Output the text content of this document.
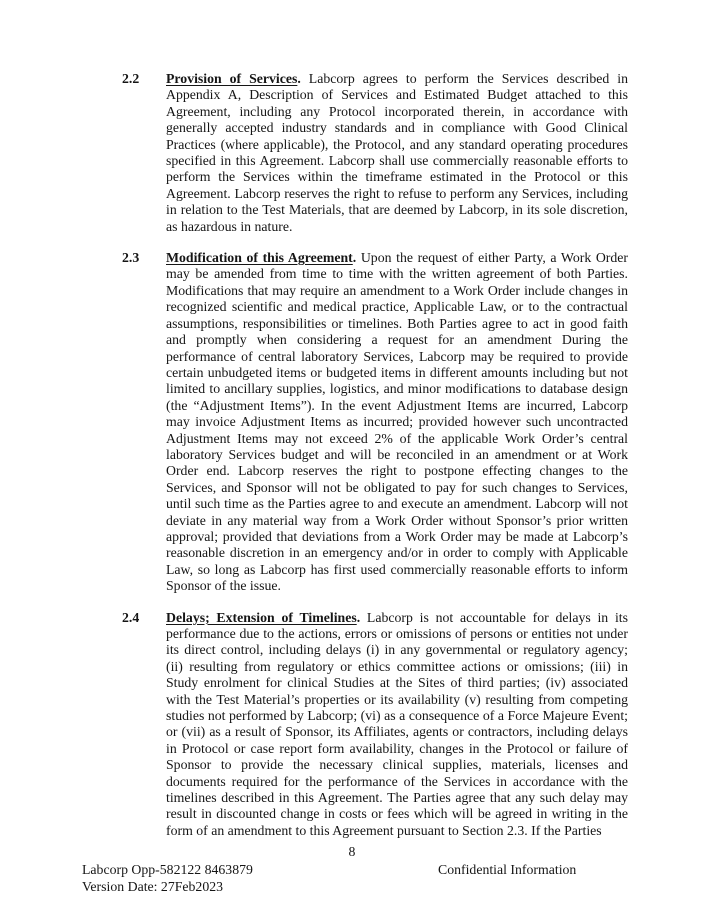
2.2	Provision of Services. Labcorp agrees to perform the Services described in Appendix A, Description of Services and Estimated Budget attached to this Agreement, including any Protocol incorporated therein, in accordance with generally accepted industry standards and in compliance with Good Clinical Practices (where applicable), the Protocol, and any standard operating procedures specified in this Agreement. Labcorp shall use commercially reasonable efforts to perform the Services within the timeframe estimated in the Protocol or this Agreement. Labcorp reserves the right to refuse to perform any Services, including in relation to the Test Materials, that are deemed by Labcorp, in its sole discretion, as hazardous in nature.
2.3	Modification of this Agreement. Upon the request of either Party, a Work Order may be amended from time to time with the written agreement of both Parties. Modifications that may require an amendment to a Work Order include changes in recognized scientific and medical practice, Applicable Law, or to the contractual assumptions, responsibilities or timelines. Both Parties agree to act in good faith and promptly when considering a request for an amendment During the performance of central laboratory Services, Labcorp may be required to provide certain unbudgeted items or budgeted items in different amounts including but not limited to ancillary supplies, logistics, and minor modifications to database design (the “Adjustment Items”). In the event Adjustment Items are incurred, Labcorp may invoice Adjustment Items as incurred; provided however such uncontracted Adjustment Items may not exceed 2% of the applicable Work Order’s central laboratory Services budget and will be reconciled in an amendment or at Work Order end. Labcorp reserves the right to postpone effecting changes to the Services, and Sponsor will not be obligated to pay for such changes to Services, until such time as the Parties agree to and execute an amendment. Labcorp will not deviate in any material way from a Work Order without Sponsor’s prior written approval; provided that deviations from a Work Order may be made at Labcorp’s reasonable discretion in an emergency and/or in order to comply with Applicable Law, so long as Labcorp has first used commercially reasonable efforts to inform Sponsor of the issue.
2.4	Delays; Extension of Timelines. Labcorp is not accountable for delays in its performance due to the actions, errors or omissions of persons or entities not under its direct control, including delays (i) in any governmental or regulatory agency; (ii) resulting from regulatory or ethics committee actions or omissions; (iii) in Study enrolment for clinical Studies at the Sites of third parties; (iv) associated with the Test Material’s properties or its availability (v) resulting from competing studies not performed by Labcorp; (vi) as a consequence of a Force Majeure Event; or (vii) as a result of Sponsor, its Affiliates, agents or contractors, including delays in Protocol or case report form availability, changes in the Protocol or failure of Sponsor to provide the necessary clinical supplies, materials, licenses and documents required for the performance of the Services in accordance with the timelines described in this Agreement. The Parties agree that any such delay may result in discounted change in costs or fees which will be agreed in writing in the form of an amendment to this Agreement pursuant to Section 2.3. If the Parties
8
Labcorp Opp-582122 8463879
Version Date: 27Feb2023
Confidential Information
